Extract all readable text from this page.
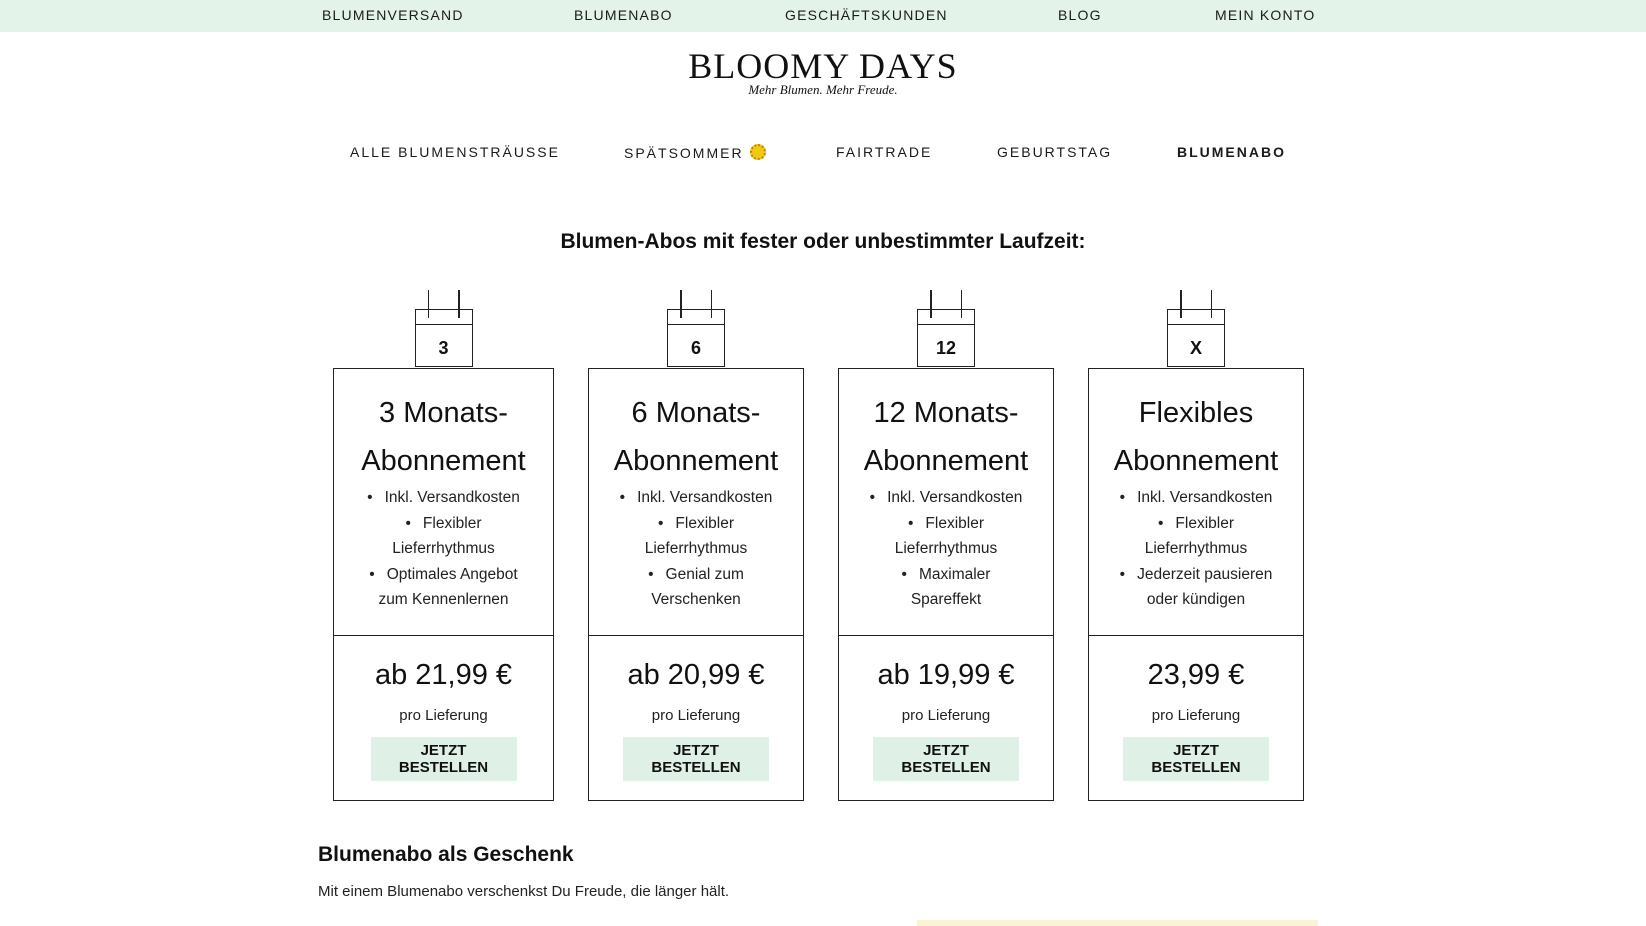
BLUMENVERSAND	BLUMENABO	GESCHÄFTSKUNDEN	BLOG	MEIN KONTO
BLOOMY DAYS
Mehr Blumen. Mehr Freude.
ALLE BLUMENSTRÄUSSE	SPÄTSOMMER	FAIRTRADE	GEBURTSTAG	BLUMENABO
Blumen-Abos mit fester oder unbestimmter Laufzeit:
3
3 Monats-
Abonnement
• Inkl. Versandkosten
• Flexibler Lieferrhythmus
• Optimales Angebot zum Kennenlernen
ab 21,99 €
pro Lieferung
JETZT BESTELLEN
6
6 Monats-
Abonnement
• Inkl. Versandkosten
• Flexibler Lieferrhythmus
• Genial zum Verschenken
ab 20,99 €
pro Lieferung
JETZT BESTELLEN
12
12 Monats-
Abonnement
• Inkl. Versandkosten
• Flexibler Lieferrhythmus
• Maximaler Spareffekt
ab 19,99 €
pro Lieferung
JETZT BESTELLEN
X
Flexibles
Abonnement
• Inkl. Versandkosten
• Flexibler Lieferrhythmus
• Jederzeit pausieren oder kündigen
23,99 €
pro Lieferung
JETZT BESTELLEN
Blumenabo als Geschenk
Mit einem Blumenabo verschenkst Du Freude, die länger hält.
